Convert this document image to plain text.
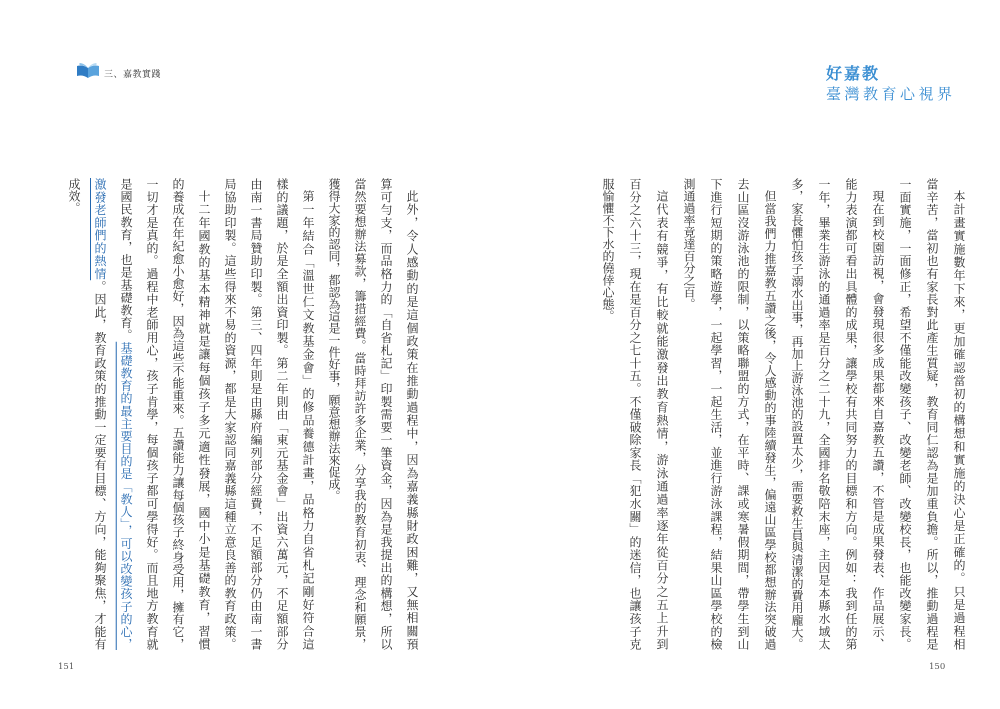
三、嘉教實踐
此外，令人感動的是這個政策在推動過程中，因為嘉義縣財政困難，又無相關預
算可勻支，而品格力的「自省札記」印製需要一筆資金，因為是我提出的構想，所以
當然要想辦法募款，籌措經費。當時拜訪許多企業，分享我的教育初衷、理念和願景，
獲得大家的認同，都認為這是一件好事，願意想辦法來促成。
第一年結合「溫世仁文教基金會」的修品養德計畫，品格力自省札記剛好符合這
樣的議題，於是全額出資印製。第二年則由「東元基金會」出資六萬元，不足額部分
由南一書局贊助印製。第三、四年則是由縣府編列部分經費，不足額部分仍由南一書
局協助印製。這些得來不易的資源，都是大家認同嘉義縣這種立意良善的教育政策。
十二年國教的基本精神就是讓每個孩子多元適性發展，國中小是基礎教育，習慣
的養成在年紀愈小愈好，因為這些不能重來。五讚能力讓每個孩子終身受用，擁有它，
一切才是真的。過程中老師用心，孩子肯學，每個孩子都可學得好。而且地方教育就
是國民教育，也是基礎教育。基礎教育的最主要目的是「教人」，可以改變孩子的心，
激發老師們的熱情。因此，教育政策的推動一定要有目標、方向，能夠聚焦，才能有
成效。
151
好嘉教
臺灣教育心視界
本計畫實施數年下來，更加確認當初的構想和實施的決心是正確的。只是過程相
當辛苦，當初也有家長對此產生質疑，教育同仁認為是加重負擔。所以，推動過程是
一面實施，一面修正，希望不僅能改變孩子、改變老師、改變校長，也能改變家長。
現在到校園訪視，會發現很多成果都來自嘉教五讚，不管是成果發表、作品展示、
能力表演都可看出具體的成果，讓學校有共同努力的目標和方向。例如：我到任的第
一年，畢業生游泳的通過率是百分之二十九，全國排名敬陪末座，主因是本縣水域太
多，家長懼怕孩子溺水出事，再加上游泳池的設置太少，需要救生員與清潔的費用龐大。
但當我們力推嘉教五讚之後，令人感動的事陸續發生，偏遠山區學校都想辦法突破過
去山區沒游泳池的限制，以策略聯盟的方式，在平時、課或寒暑假期間，帶學生到山
下進行短期的策略遊學，一起學習，一起生活，並進行游泳課程，結果山區學校的檢
測通過率竟達百分之百。
這代表有競爭，有比較就能激發出教育熱情，游泳通過率逐年從百分之五上升到
百分之六十三，現在是百分之七十五。不僅破除家長「犯水關」的迷信，也讓孩子克
服愉懼不下水的僥倖心態。
150
